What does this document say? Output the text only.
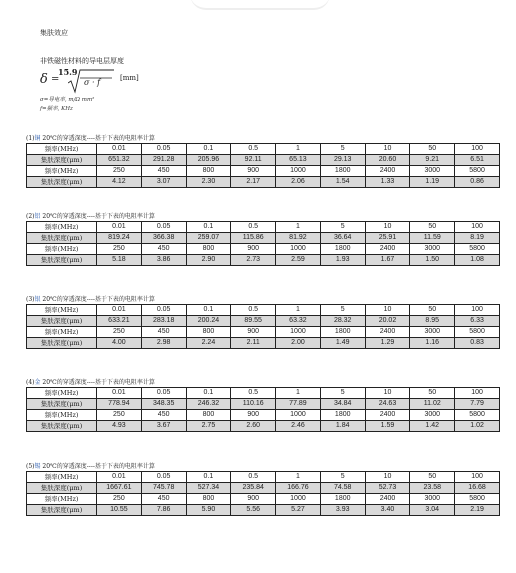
集肤效应
非铁磁性材料的导电层厚度
δ =
15.9
σ · f	[mm]
σ=导电率, m/Ω mm²
f=频率, KHz
(1)铜 20℃的穿透深度----基于下表的电阻率计算
频率(MHz)	0.01	0.05	0.1	0.5	1	5	10	50	100
集肤深度(μm)	651.32	291.28	205.96	92.11	65.13	29.13	20.60	9.21	6.51
频率(MHz)	250	450	800	900	1000	1800	2400	3000	5800
集肤深度(μm)	4.12	3.07	2.30	2.17	2.06	1.54	1.33	1.19	0.86
(2)铝 20℃的穿透深度----基于下表的电阻率计算
频率(MHz)	0.01	0.05	0.1	0.5	1	5	10	50	100
集肤深度(μm)	819.24	366.38	259.07	115.86	81.92	36.64	25.91	11.59	8.19
频率(MHz)	250	450	800	900	1000	1800	2400	3000	5800
集肤深度(μm)	5.18	3.86	2.90	2.73	2.59	1.93	1.67	1.50	1.08
(3)银 20℃的穿透深度----基于下表的电阻率计算
频率(MHz)	0.01	0.05	0.1	0.5	1	5	10	50	100
集肤深度(μm)	633.21	283.18	200.24	89.55	63.32	28.32	20.02	8.95	6.33
频率(MHz)	250	450	800	900	1000	1800	2400	3000	5800
集肤深度(μm)	4.00	2.98	2.24	2.11	2.00	1.49	1.29	1.16	0.83
(4)金 20℃的穿透深度----基于下表的电阻率计算
频率(MHz)	0.01	0.05	0.1	0.5	1	5	10	50	100
集肤深度(μm)	778.94	348.35	246.32	110.16	77.89	34.84	24.63	11.02	7.79
频率(MHz)	250	450	800	900	1000	1800	2400	3000	5800
集肤深度(μm)	4.93	3.67	2.75	2.60	2.46	1.84	1.59	1.42	1.02
(5)锡 20℃的穿透深度----基于下表的电阻率计算
频率(MHz)	0.01	0.05	0.1	0.5	1	5	10	50	100
集肤深度(μm)	1667.61	745.78	527.34	235.84	166.76	74.58	52.73	23.58	16.68
频率(MHz)	250	450	800	900	1000	1800	2400	3000	5800
集肤深度(μm)	10.55	7.86	5.90	5.56	5.27	3.93	3.40	3.04	2.19
